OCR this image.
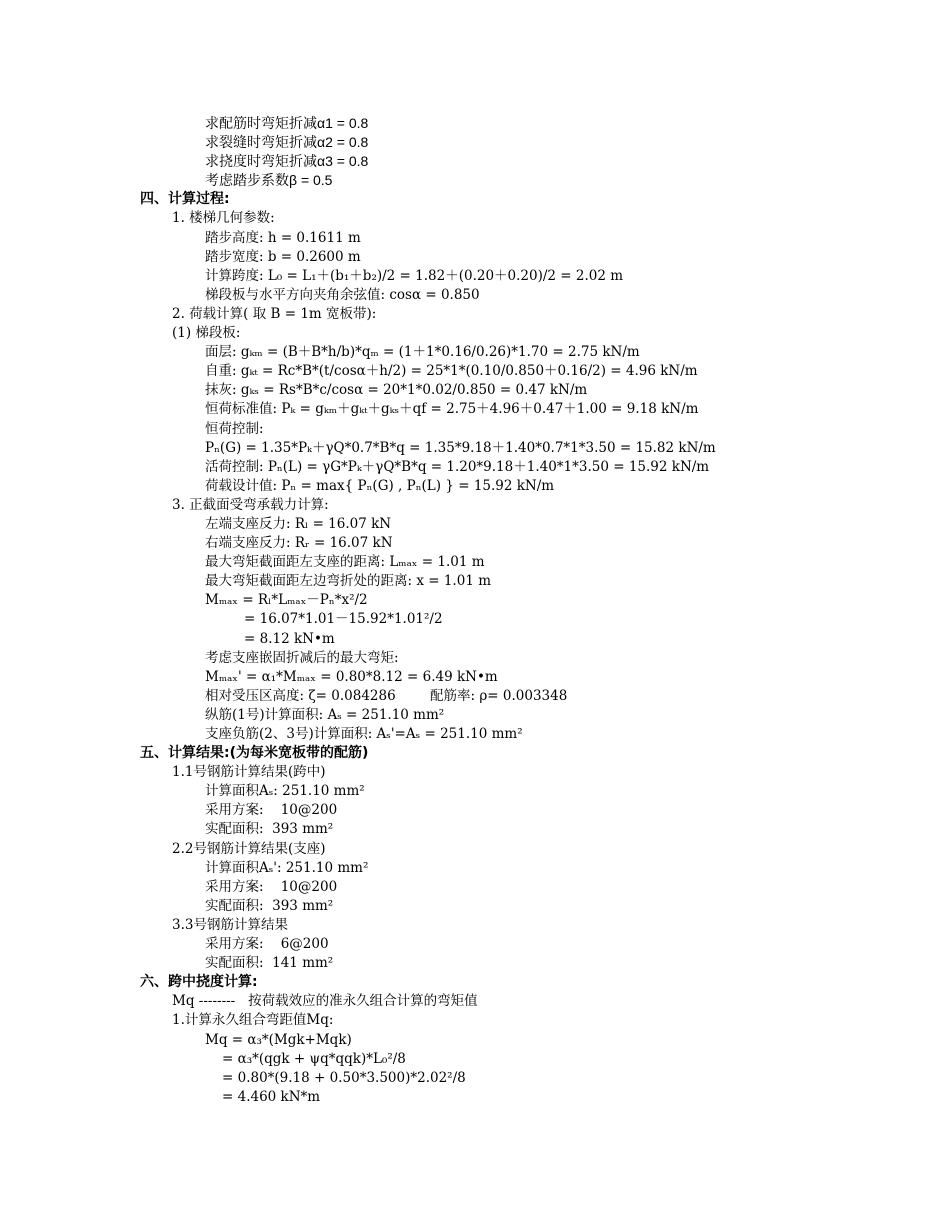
求配筋时弯矩折减α1 = 0.8
求裂缝时弯矩折减α2 = 0.8
求挠度时弯矩折减α3 = 0.8
考虑踏步系数β = 0.5
四、计算过程:
1. 楼梯几何参数:
踏步高度: h = 0.1611 m
踏步宽度: b = 0.2600 m
计算跨度: L₀ = L₁＋(b₁＋b₂)/2 = 1.82＋(0.20＋0.20)/2 = 2.02 m
梯段板与水平方向夹角余弦值: cosα = 0.850
2. 荷载计算( 取 B = 1m 宽板带):
(1) 梯段板:
面层: gₖₘ = (B＋B*h/b)*qₘ = (1＋1*0.16/0.26)*1.70 = 2.75 kN/m
自重: gₖₜ = Rc*B*(t/cosα＋h/2) = 25*1*(0.10/0.850＋0.16/2) = 4.96 kN/m
抹灰: gₖₛ = Rs*B*c/cosα = 20*1*0.02/0.850 = 0.47 kN/m
恒荷标准值: Pₖ = gₖₘ＋gₖₜ＋gₖₛ＋qf = 2.75＋4.96＋0.47＋1.00 = 9.18 kN/m
恒荷控制:
Pₙ(G) = 1.35*Pₖ＋γQ*0.7*B*q = 1.35*9.18＋1.40*0.7*1*3.50 = 15.82 kN/m
活荷控制: Pₙ(L) = γG*Pₖ＋γQ*B*q = 1.20*9.18＋1.40*1*3.50 = 15.92 kN/m
荷载设计值: Pₙ = max{ Pₙ(G) , Pₙ(L) } = 15.92 kN/m
3. 正截面受弯承载力计算:
左端支座反力: Rₗ = 16.07 kN
右端支座反力: Rᵣ = 16.07 kN
最大弯矩截面距左支座的距离: Lₘₐₓ = 1.01 m
最大弯矩截面距左边弯折处的距离: x = 1.01 m
Mₘₐₓ = Rₗ*Lₘₐₓ－Pₙ*x²/2
= 16.07*1.01－15.92*1.01²/2
= 8.12 kN•m
考虑支座嵌固折减后的最大弯矩:
Mₘₐₓ' = α₁*Mₘₐₓ = 0.80*8.12 = 6.49 kN•m
相对受压区高度: ζ= 0.084286        配筋率: ρ= 0.003348
纵筋(1号)计算面积: Aₛ = 251.10 mm²
支座负筋(2、3号)计算面积: Aₛ'=Aₛ = 251.10 mm²
五、计算结果:(为每米宽板带的配筋)
1.1号钢筋计算结果(跨中)
计算面积Aₛ: 251.10 mm²
采用方案:    10@200
实配面积:  393 mm²
2.2号钢筋计算结果(支座)
计算面积Aₛ': 251.10 mm²
采用方案:    10@200
实配面积:  393 mm²
3.3号钢筋计算结果
采用方案:    6@200
实配面积:  141 mm²
六、跨中挠度计算:
Mq --------   按荷载效应的准永久组合计算的弯矩值
1.计算永久组合弯距值Mq:
Mq = α₃*(Mgk+Mqk)
= α₃*(qgk + ψq*qqk)*L₀²/8
= 0.80*(9.18 + 0.50*3.500)*2.02²/8
= 4.460 kN*m
